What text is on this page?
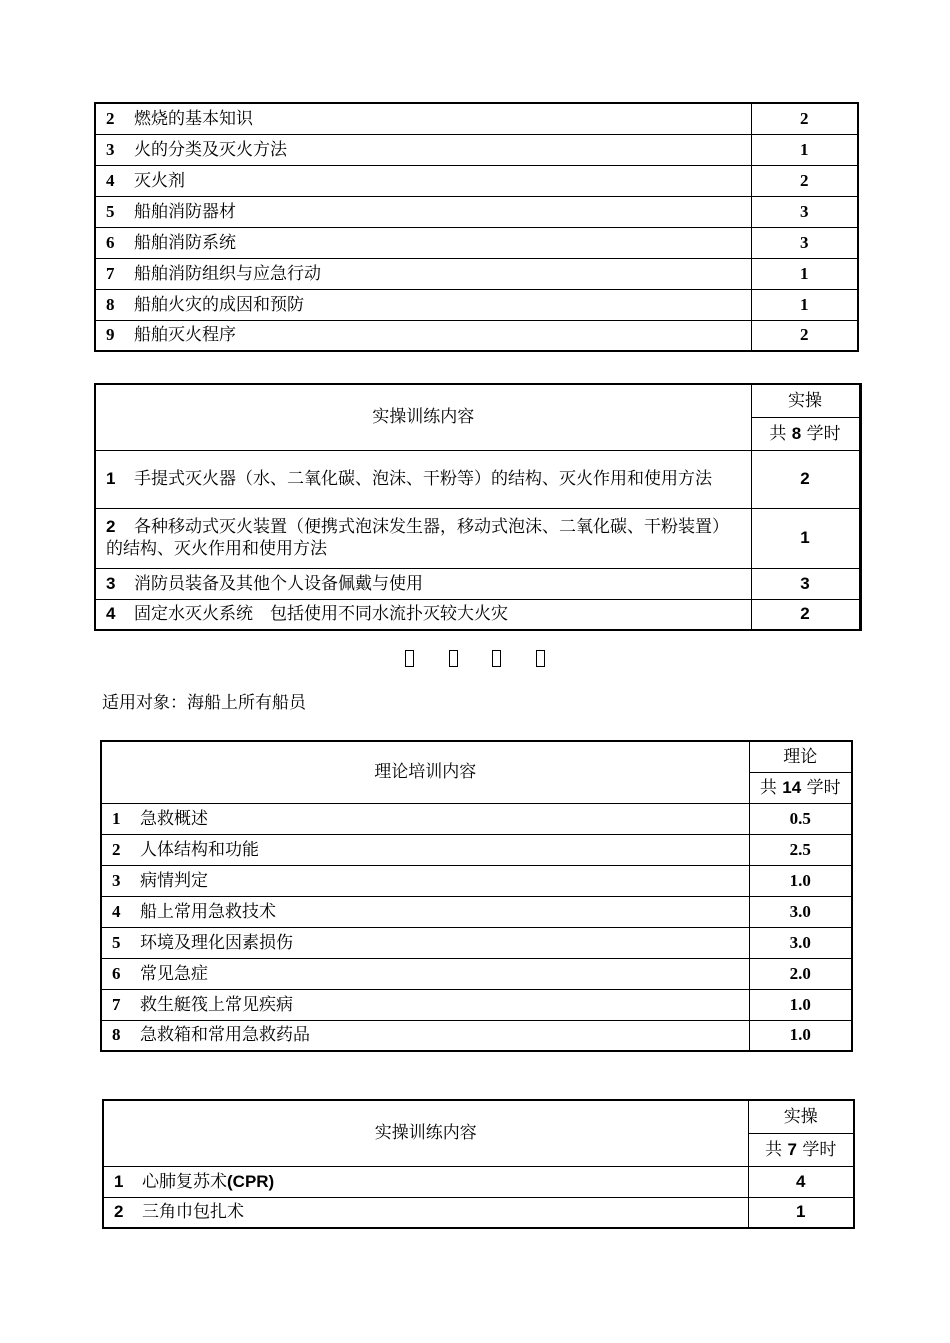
2 燃烧的基本知识	2
3 火的分类及灭火方法	1
4 灭火剂	2
5 船舶消防器材	3
6 船舶消防系统	3
7 船舶消防组织与应急行动	1
8 船舶火灾的成因和预防	1
9 船舶灭火程序	2
实操训练内容	实操
	共 8 学时
1 手提式灭火器（水、二氧化碳、泡沫、干粉等）的结构、灭火作用和使用方法	2
2 各种移动式灭火装置（便携式泡沫发生器，移动式泡沫、二氧化碳、干粉装置）的结构、灭火作用和使用方法	1
3 消防员装备及其他个人设备佩戴与使用	3
4 固定水灭火系统　包括使用不同水流扑灭较大火灾	2
适用对象：海船上所有船员
理论培训内容	理论
	共 14 学时
1 急救概述	0.5
2 人体结构和功能	2.5
3 病情判定	1.0
4 船上常用急救技术	3.0
5 环境及理化因素损伤	3.0
6 常见急症	2.0
7 救生艇筏上常见疾病	1.0
8 急救箱和常用急救药品	1.0
实操训练内容	实操
	共 7 学时
1 心肺复苏术(CPR)	4
2 三角巾包扎术	1
